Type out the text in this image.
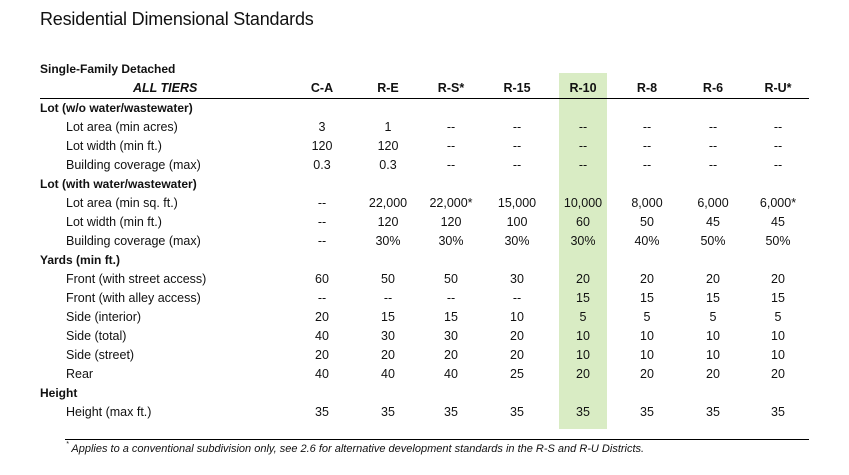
Residential Dimensional Standards
Single-Family Detached
ALL TIERS	C-A	R-E	R-S*	R-15	R-10	R-8	R-6	R-U*
Lot (w/o water/wastewater)
Lot area (min acres)	3	1	--	--	--	--	--	--
Lot width (min ft.)	120	120	--	--	--	--	--	--
Building coverage (max)	0.3	0.3	--	--	--	--	--	--
Lot (with water/wastewater)
Lot area (min sq. ft.)	--	22,000	22,000*	15,000	10,000	8,000	6,000	6,000*
Lot width (min ft.)	--	120	120	100	60	50	45	45
Building coverage (max)	--	30%	30%	30%	30%	40%	50%	50%
Yards (min ft.)
Front (with street access)	60	50	50	30	20	20	20	20
Front (with alley access)	--	--	--	--	15	15	15	15
Side (interior)	20	15	15	10	5	5	5	5
Side (total)	40	30	30	20	10	10	10	10
Side (street)	20	20	20	20	10	10	10	10
Rear	40	40	40	25	20	20	20	20
Height
Height (max ft.)	35	35	35	35	35	35	35	35
* Applies to a conventional subdivision only, see 2.6 for alternative development standards in the R-S and R-U Districts.
